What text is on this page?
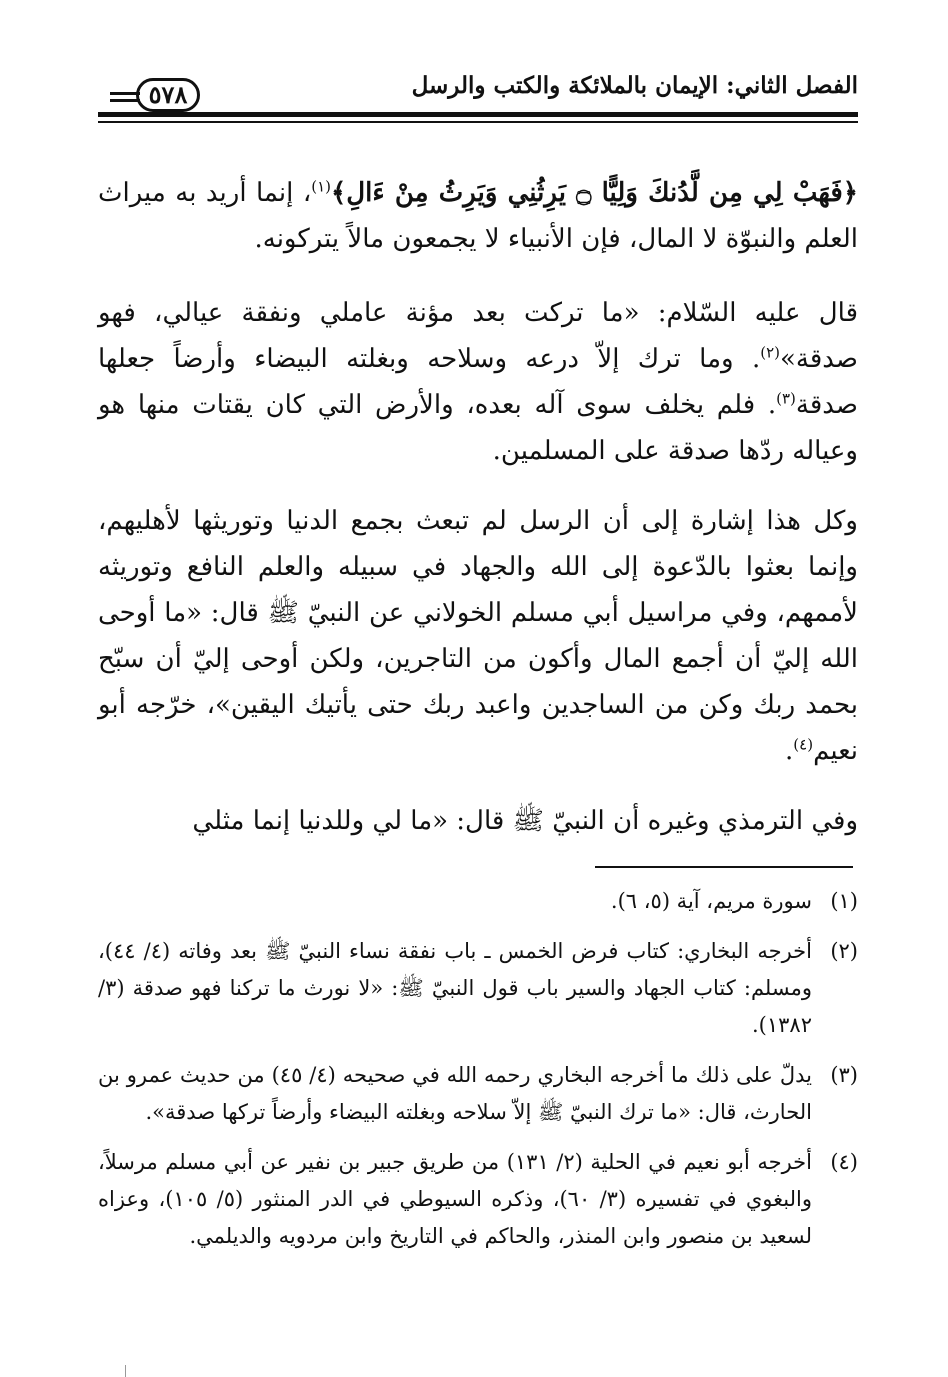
الفصل الثاني: الإيمان بالملائكة والكتب والرسل
٥٧٨

﴿فَهَبْ لِي مِن لَّدُنكَ وَلِيًّا ۝ يَرِثُنِي وَيَرِثُ مِنْ ءَالِ﴾$^{(١)}$، إنما أريد به ميراث العلم والنبوّة لا المال، فإن الأنبياء لا يجمعون مالاً يتركونه.

قال عليه السّلام: «ما تركت بعد مؤنة عاملي ونفقة عيالي، فهو صدقة»$^{(٢)}$. وما ترك إلاّ درعه وسلاحه وبغلته البيضاء وأرضاً جعلها صدقة$^{(٣)}$. فلم يخلف سوى آله بعده، والأرض التي كان يقتات منها هو وعياله ردّها صدقة على المسلمين.

وكل هذا إشارة إلى أن الرسل لم تبعث بجمع الدنيا وتوريثها لأهليهم، وإنما بعثوا بالدّعوة إلى الله والجهاد في سبيله والعلم النافع وتوريثه لأممهم، وفي مراسيل أبي مسلم الخولاني عن النبيّ ﷺ قال: «ما أوحى الله إليّ أن أجمع المال وأكون من التاجرين، ولكن أوحى إليّ أن سبّح بحمد ربك وكن من الساجدين واعبد ربك حتى يأتيك اليقين»، خرّجه أبو نعيم$^{(٤)}$.

وفي الترمذي وغيره أن النبيّ ﷺ قال: «ما لي وللدنيا إنما مثلي

(١)
سورة مريم، آية (٥، ٦).
(٢)
أخرجه البخاري: كتاب فرض الخمس ـ باب نفقة نساء النبيّ ﷺ بعد وفاته (٤/ ٤٤)، ومسلم: كتاب الجهاد والسير باب قول النبيّ ﷺ: «لا نورث ما تركنا فهو صدقة (٣/ ١٣٨٢).
(٣)
يدلّ على ذلك ما أخرجه البخاري رحمه الله في صحيحه (٤/ ٤٥) من حديث عمرو بن الحارث، قال: «ما ترك النبيّ ﷺ إلاّ سلاحه وبغلته البيضاء وأرضاً تركها صدقة».
(٤)
أخرجه أبو نعيم في الحلية (٢/ ١٣١) من طريق جبير بن نفير عن أبي مسلم مرسلاً، والبغوي في تفسيره (٣/ ٦٠)، وذكره السيوطي في الدر المنثور (٥/ ١٠٥)، وعزاه لسعيد بن منصور وابن المنذر، والحاكم في التاريخ وابن مردويه والديلمي.
